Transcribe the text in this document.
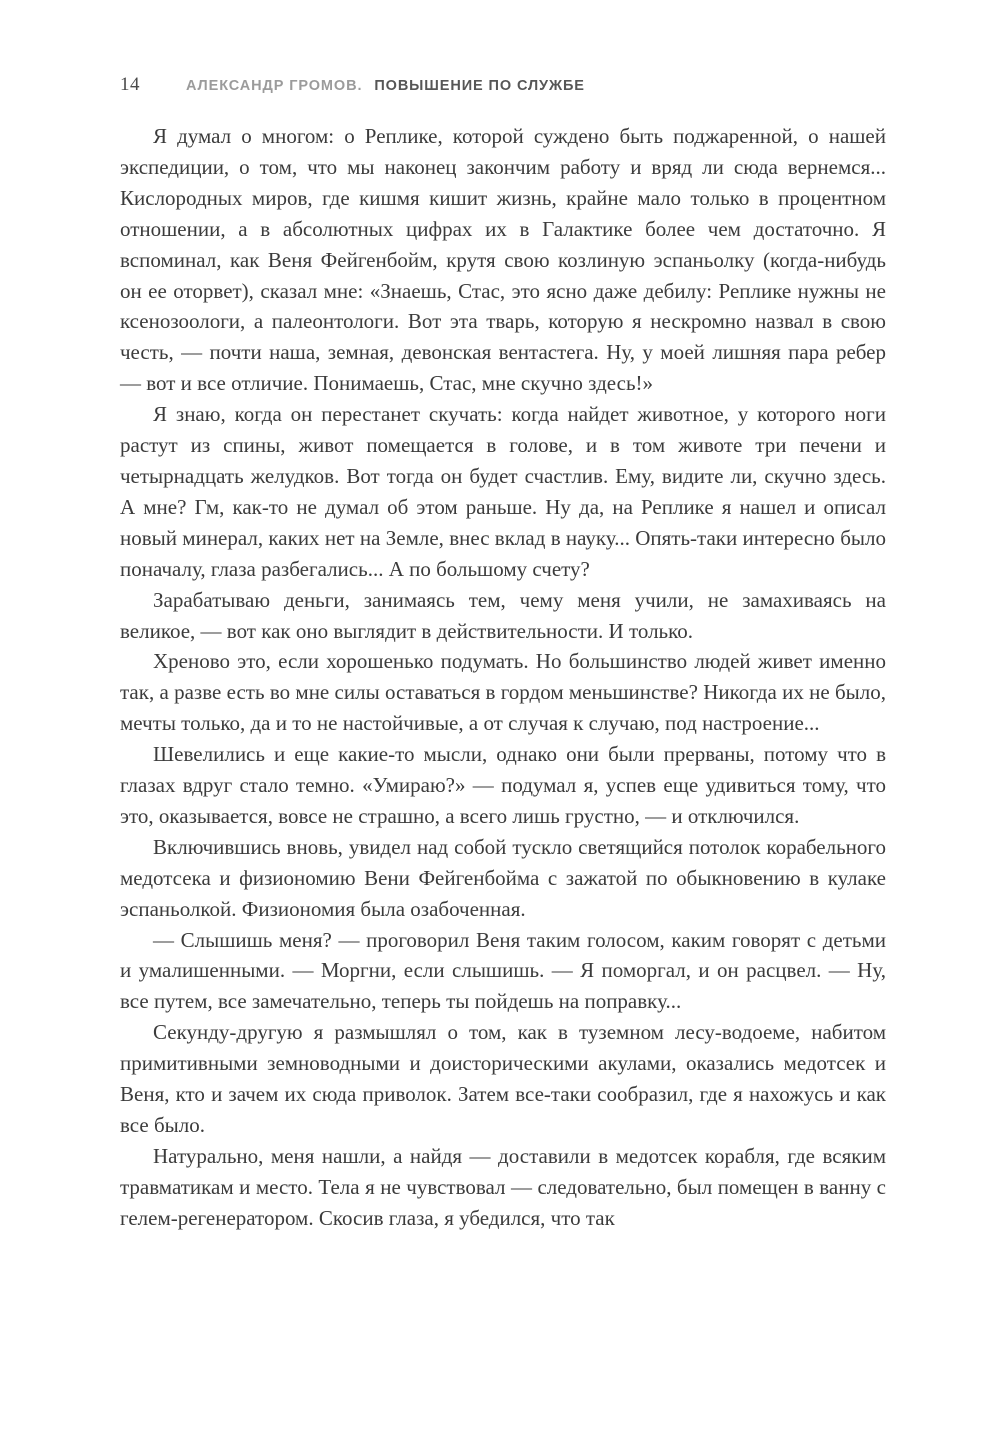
14	АЛЕКСАНДР ГРОМОВ. ПОВЫШЕНИЕ ПО СЛУЖБЕ

Я думал о многом: о Реплике, которой суждено быть поджаренной, о нашей экспедиции, о том, что мы наконец закончим работу и вряд ли сюда вернемся... Кислородных миров, где кишмя кишит жизнь, крайне мало только в процентном отношении, а в абсолютных цифрах их в Галактике более чем достаточно. Я вспоминал, как Веня Фейгенбойм, крутя свою козлиную эспаньолку (когда-нибудь он ее оторвет), сказал мне: «Знаешь, Стас, это ясно даже дебилу: Реплике нужны не ксенозоологи, а палеонтологи. Вот эта тварь, которую я нескромно назвал в свою честь, — почти наша, земная, девонская вентастега. Ну, у моей лишняя пара ребер — вот и все отличие. Понимаешь, Стас, мне скучно здесь!»

Я знаю, когда он перестанет скучать: когда найдет животное, у которого ноги растут из спины, живот помещается в голове, и в том животе три печени и четырнадцать желудков. Вот тогда он будет счастлив. Ему, видите ли, скучно здесь. А мне? Гм, как-то не думал об этом раньше. Ну да, на Реплике я нашел и описал новый минерал, каких нет на Земле, внес вклад в науку... Опять-таки интересно было поначалу, глаза разбегались... А по большому счету?

Зарабатываю деньги, занимаясь тем, чему меня учили, не замахиваясь на великое, — вот как оно выглядит в действительности. И только.

Хреново это, если хорошенько подумать. Но большинство людей живет именно так, а разве есть во мне силы оставаться в гордом меньшинстве? Никогда их не было, мечты только, да и то не настойчивые, а от случая к случаю, под настроение...

Шевелились и еще какие-то мысли, однако они были прерваны, потому что в глазах вдруг стало темно. «Умираю?» — подумал я, успев еще удивиться тому, что это, оказывается, вовсе не страшно, а всего лишь грустно, — и отключился.

Включившись вновь, увидел над собой тускло светящийся потолок корабельного медотсека и физиономию Вени Фейгенбойма с зажатой по обыкновению в кулаке эспаньолкой. Физиономия была озабоченная.

— Слышишь меня? — проговорил Веня таким голосом, каким говорят с детьми и умалишенными. — Моргни, если слышишь. — Я поморгал, и он расцвел. — Ну, все путем, все замечательно, теперь ты пойдешь на поправку...

Секунду-другую я размышлял о том, как в туземном лесу-водоеме, набитом примитивными земноводными и доисторическими акулами, оказались медотсек и Веня, кто и зачем их сюда приволок. Затем все-таки сообразил, где я нахожусь и как все было.

Натурально, меня нашли, а найдя — доставили в медотсек корабля, где всяким травматикам и место. Тела я не чувствовал — следовательно, был помещен в ванну с гелем-регенератором. Скосив глаза, я убедился, что так
